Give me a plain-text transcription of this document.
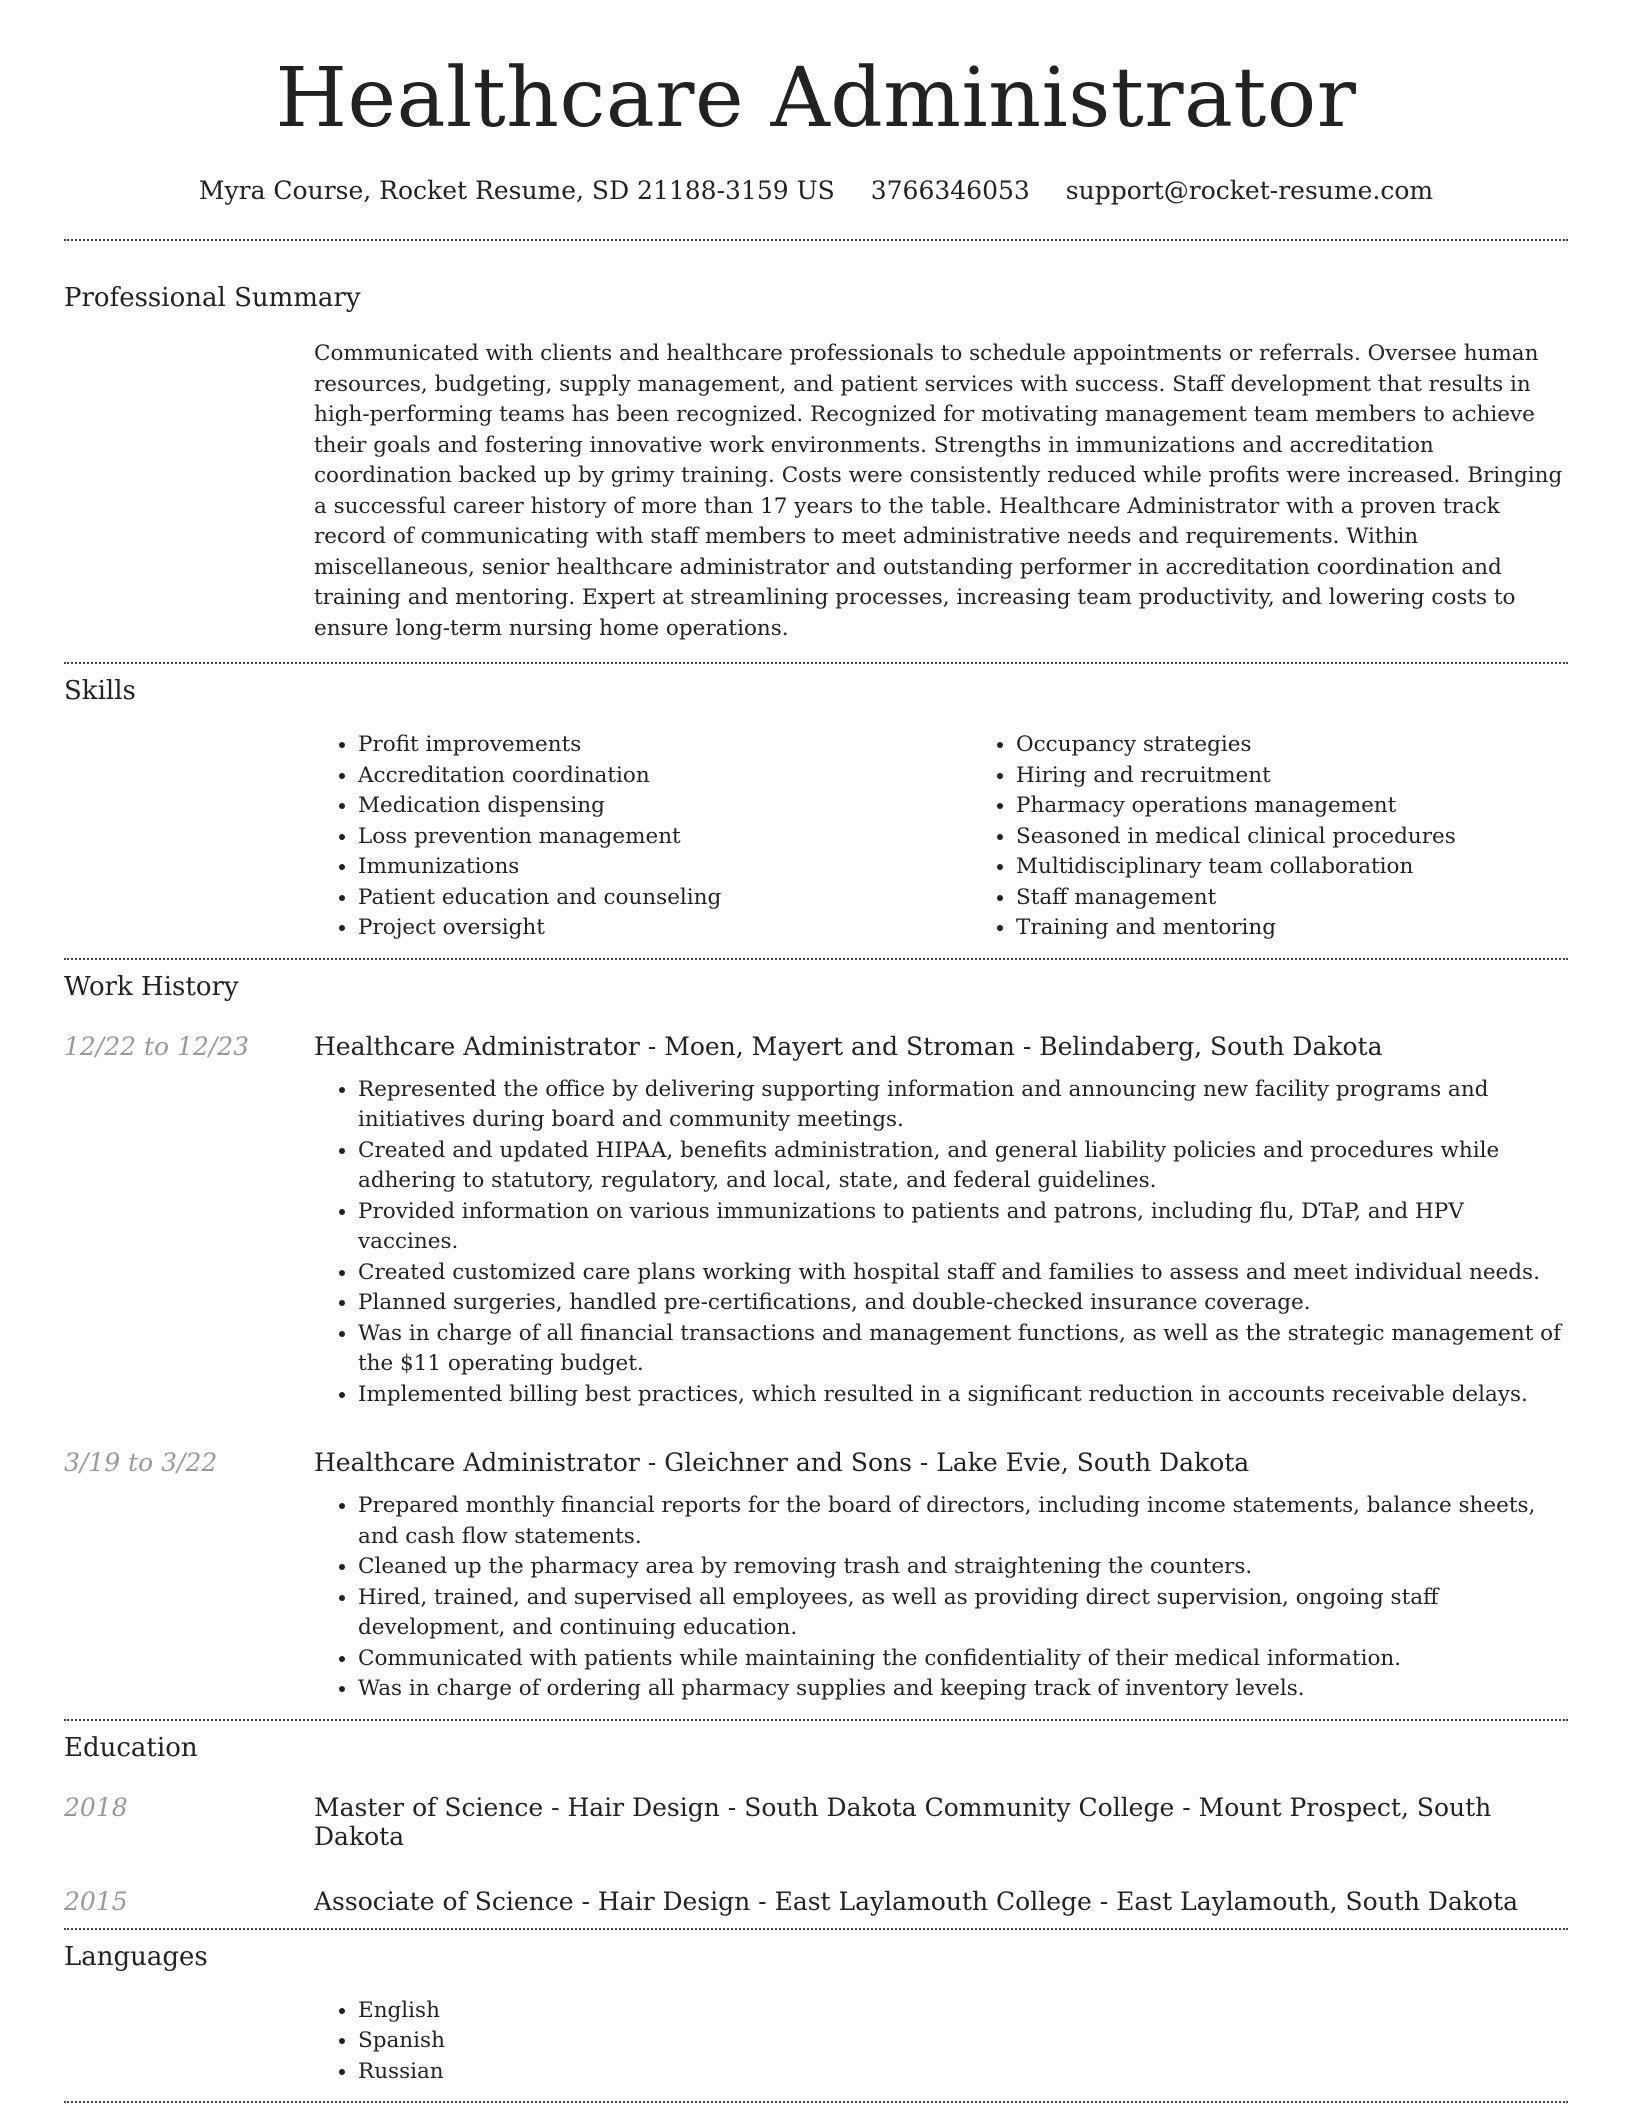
Healthcare Administrator
Myra Course, Rocket Resume, SD 21188-3159 US 3766346053 support@rocket-resume.com
Professional Summary
Communicated with clients and healthcare professionals to schedule appointments or referrals. Oversee human resources, budgeting, supply management, and patient services with success. Staff development that results in high-performing teams has been recognized. Recognized for motivating management team members to achieve their goals and fostering innovative work environments. Strengths in immunizations and accreditation coordination backed up by grimy training. Costs were consistently reduced while profits were increased. Bringing a successful career history of more than 17 years to the table. Healthcare Administrator with a proven track record of communicating with staff members to meet administrative needs and requirements. Within miscellaneous, senior healthcare administrator and outstanding performer in accreditation coordination and training and mentoring. Expert at streamlining processes, increasing team productivity, and lowering costs to ensure long-term nursing home operations.
Skills
• Profit improvements
• Accreditation coordination
• Medication dispensing
• Loss prevention management
• Immunizations
• Patient education and counseling
• Project oversight
• Occupancy strategies
• Hiring and recruitment
• Pharmacy operations management
• Seasoned in medical clinical procedures
• Multidisciplinary team collaboration
• Staff management
• Training and mentoring
Work History
12/22 to 12/23	Healthcare Administrator - Moen, Mayert and Stroman - Belindaberg, South Dakota
• Represented the office by delivering supporting information and announcing new facility programs and initiatives during board and community meetings.
• Created and updated HIPAA, benefits administration, and general liability policies and procedures while adhering to statutory, regulatory, and local, state, and federal guidelines.
• Provided information on various immunizations to patients and patrons, including flu, DTaP, and HPV vaccines.
• Created customized care plans working with hospital staff and families to assess and meet individual needs.
• Planned surgeries, handled pre-certifications, and double-checked insurance coverage.
• Was in charge of all financial transactions and management functions, as well as the strategic management of the $11 operating budget.
• Implemented billing best practices, which resulted in a significant reduction in accounts receivable delays.
3/19 to 3/22	Healthcare Administrator - Gleichner and Sons - Lake Evie, South Dakota
• Prepared monthly financial reports for the board of directors, including income statements, balance sheets, and cash flow statements.
• Cleaned up the pharmacy area by removing trash and straightening the counters.
• Hired, trained, and supervised all employees, as well as providing direct supervision, ongoing staff development, and continuing education.
• Communicated with patients while maintaining the confidentiality of their medical information.
• Was in charge of ordering all pharmacy supplies and keeping track of inventory levels.
Education
2018	Master of Science - Hair Design - South Dakota Community College - Mount Prospect, South Dakota
2015	Associate of Science - Hair Design - East Laylamouth College - East Laylamouth, South Dakota
Languages
• English
• Spanish
• Russian
